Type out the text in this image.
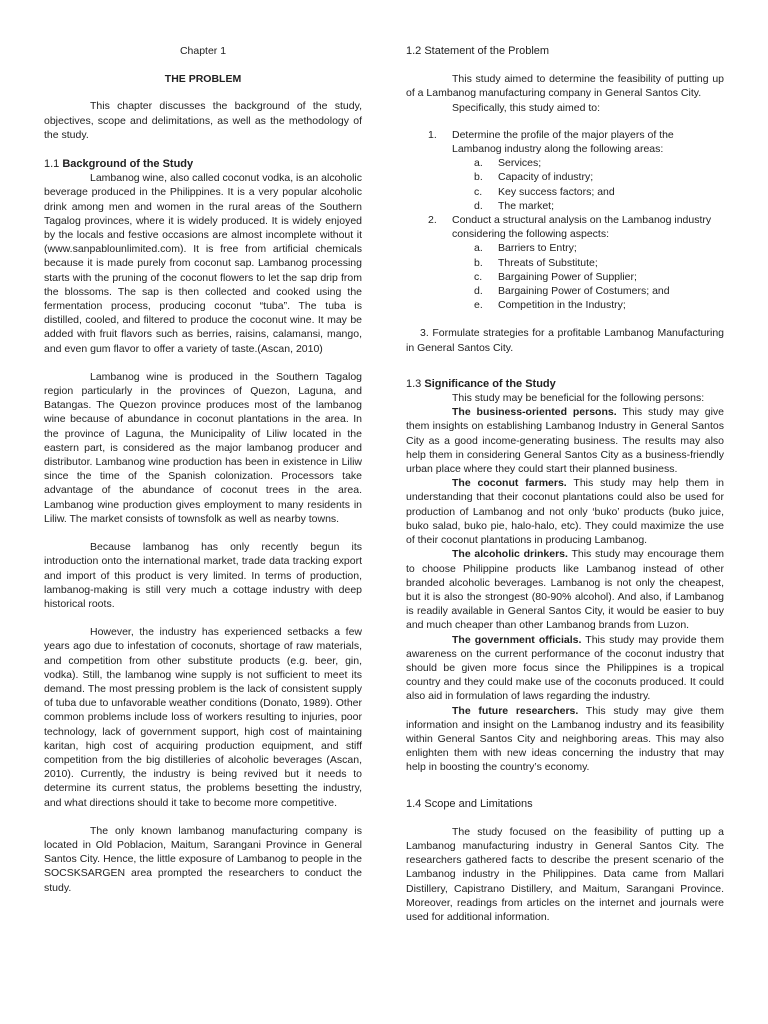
Chapter 1
THE PROBLEM

This chapter discusses the background of the study, objectives, scope and delimitations, as well as the methodology of the study.

1.1 Background of the Study

Lambanog wine, also called coconut vodka, is an alcoholic beverage produced in the Philippines. It is a very popular alcoholic drink among men and women in the rural areas of the Southern Tagalog provinces, where it is widely produced. It is widely enjoyed by the locals and festive occasions are almost incomplete without it (www.sanpablounlimited.com). It is free from artificial chemicals because it is made purely from coconut sap. Lambanog processing starts with the pruning of the coconut flowers to let the sap drip from the blossoms. The sap is then collected and cooked using the fermentation process, producing coconut “tuba”. The tuba is distilled, cooled, and filtered to produce the coconut wine. It may be added with fruit flavors such as berries, raisins, calamansi, mango, and even gum flavor to offer a variety of taste.(Ascan, 2010)

Lambanog wine is produced in the Southern Tagalog region particularly in the provinces of Quezon, Laguna, and Batangas. The Quezon province produces most of the lambanog wine because of abundance in coconut plantations in the area. In the province of Laguna, the Municipality of Liliw located in the eastern part, is considered as the major lambanog producer and distributor. Lambanog wine production has been in existence in Liliw since the time of the Spanish colonization. Processors take advantage of the abundance of coconut trees in the area. Lambanog wine production gives employment to many residents in Liliw. The market consists of townsfolk as well as nearby towns.

Because lambanog has only recently begun its introduction onto the international market, trade data tracking export and import of this product is very limited. In terms of production, lambanog-making is still very much a cottage industry with deep historical roots.

However, the industry has experienced setbacks a few years ago due to infestation of coconuts, shortage of raw materials, and competition from other substitute products (e.g. beer, gin, vodka). Still, the lambanog wine supply is not sufficient to meet its demand. The most pressing problem is the lack of consistent supply of tuba due to unfavorable weather conditions (Donato, 1989). Other common problems include loss of workers resulting to injuries, poor technology, lack of government support, high cost of maintaining karitan, high cost of acquiring production equipment, and stiff competition from the big distilleries of alcoholic beverages (Ascan, 2010). Currently, the industry is being revived but it needs to determine its current status, the problems besetting the industry, and what directions should it take to become more competitive.

The only known lambanog manufacturing company is located in Old Poblacion, Maitum, Sarangani Province in General Santos City. Hence, the little exposure of Lambanog to people in the SOCSKSARGEN area prompted the researchers to conduct the study.

1.2 Statement of the Problem

This study aimed to determine the feasibility of putting up of a Lambanog manufacturing company in General Santos City.

Specifically, this study aimed to:

1. Determine the profile of the major players of the Lambanog industry along the following areas:
a. Services;
b. Capacity of industry;
c. Key success factors; and
d. The market;
2. Conduct a structural analysis on the Lambanog industry considering the following aspects:
a. Barriers to Entry;
b. Threats of Substitute;
c. Bargaining Power of Supplier;
d. Bargaining Power of Costumers; and
e. Competition in the Industry;

3. Formulate strategies for a profitable Lambanog Manufacturing in General Santos City.

1.3 Significance of the Study

This study may be beneficial for the following persons:

The business-oriented persons. This study may give them insights on establishing Lambanog Industry in General Santos City as a good income-generating business. The results may also help them in considering General Santos City as a business-friendly urban place where they could start their planned business.

The coconut farmers. This study may help them in understanding that their coconut plantations could also be used for production of Lambanog and not only ‘buko’ products (buko juice, buko salad, buko pie, halo-halo, etc). They could maximize the use of their coconut plantations in producing Lambanog.

The alcoholic drinkers. This study may encourage them to choose Philippine products like Lambanog instead of other branded alcoholic beverages. Lambanog is not only the cheapest, but it is also the strongest (80-90% alcohol). And also, if Lambanog is readily available in General Santos City, it would be easier to buy and much cheaper than other Lambanog brands from Luzon.

The government officials. This study may provide them awareness on the current performance of the coconut industry that should be given more focus since the Philippines is a tropical country and they could make use of the coconuts produced. It could also aid in formulation of laws regarding the industry.

The future researchers. This study may give them information and insight on the Lambanog industry and its feasibility within General Santos City and neighboring areas. This may also enlighten them with new ideas concerning the industry that may help in boosting the country’s economy.

1.4 Scope and Limitations

The study focused on the feasibility of putting up a Lambanog manufacturing industry in General Santos City. The researchers gathered facts to describe the present scenario of the Lambanog industry in the Philippines. Data came from Mallari Distillery, Capistrano Distillery, and Maitum, Sarangani Province. Moreover, readings from articles on the internet and journals were used for additional information.
